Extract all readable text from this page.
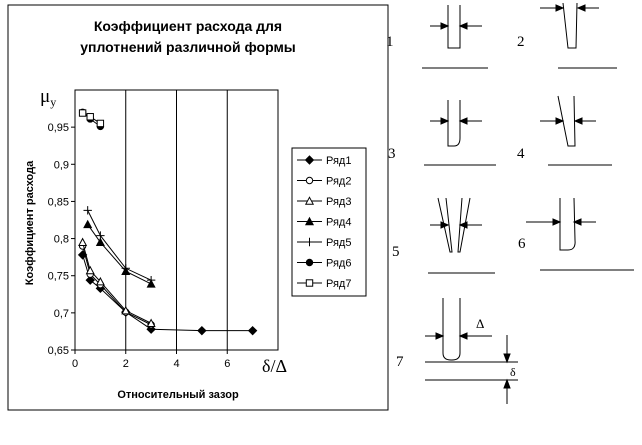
Коэффициент расхода для
уплотнений различной формы
$\mu_у$
Коэффициент расхода
δ/Δ
Относительный зазор
0	2	4	6
0,65
0,7
0,75
0,8
0,85
0,9
0,95
Ряд1
Ряд2
Ряд3
Ряд4
Ряд5
Ряд6
Ряд7
1	2
3	4
5	6
7
Δ
δ
